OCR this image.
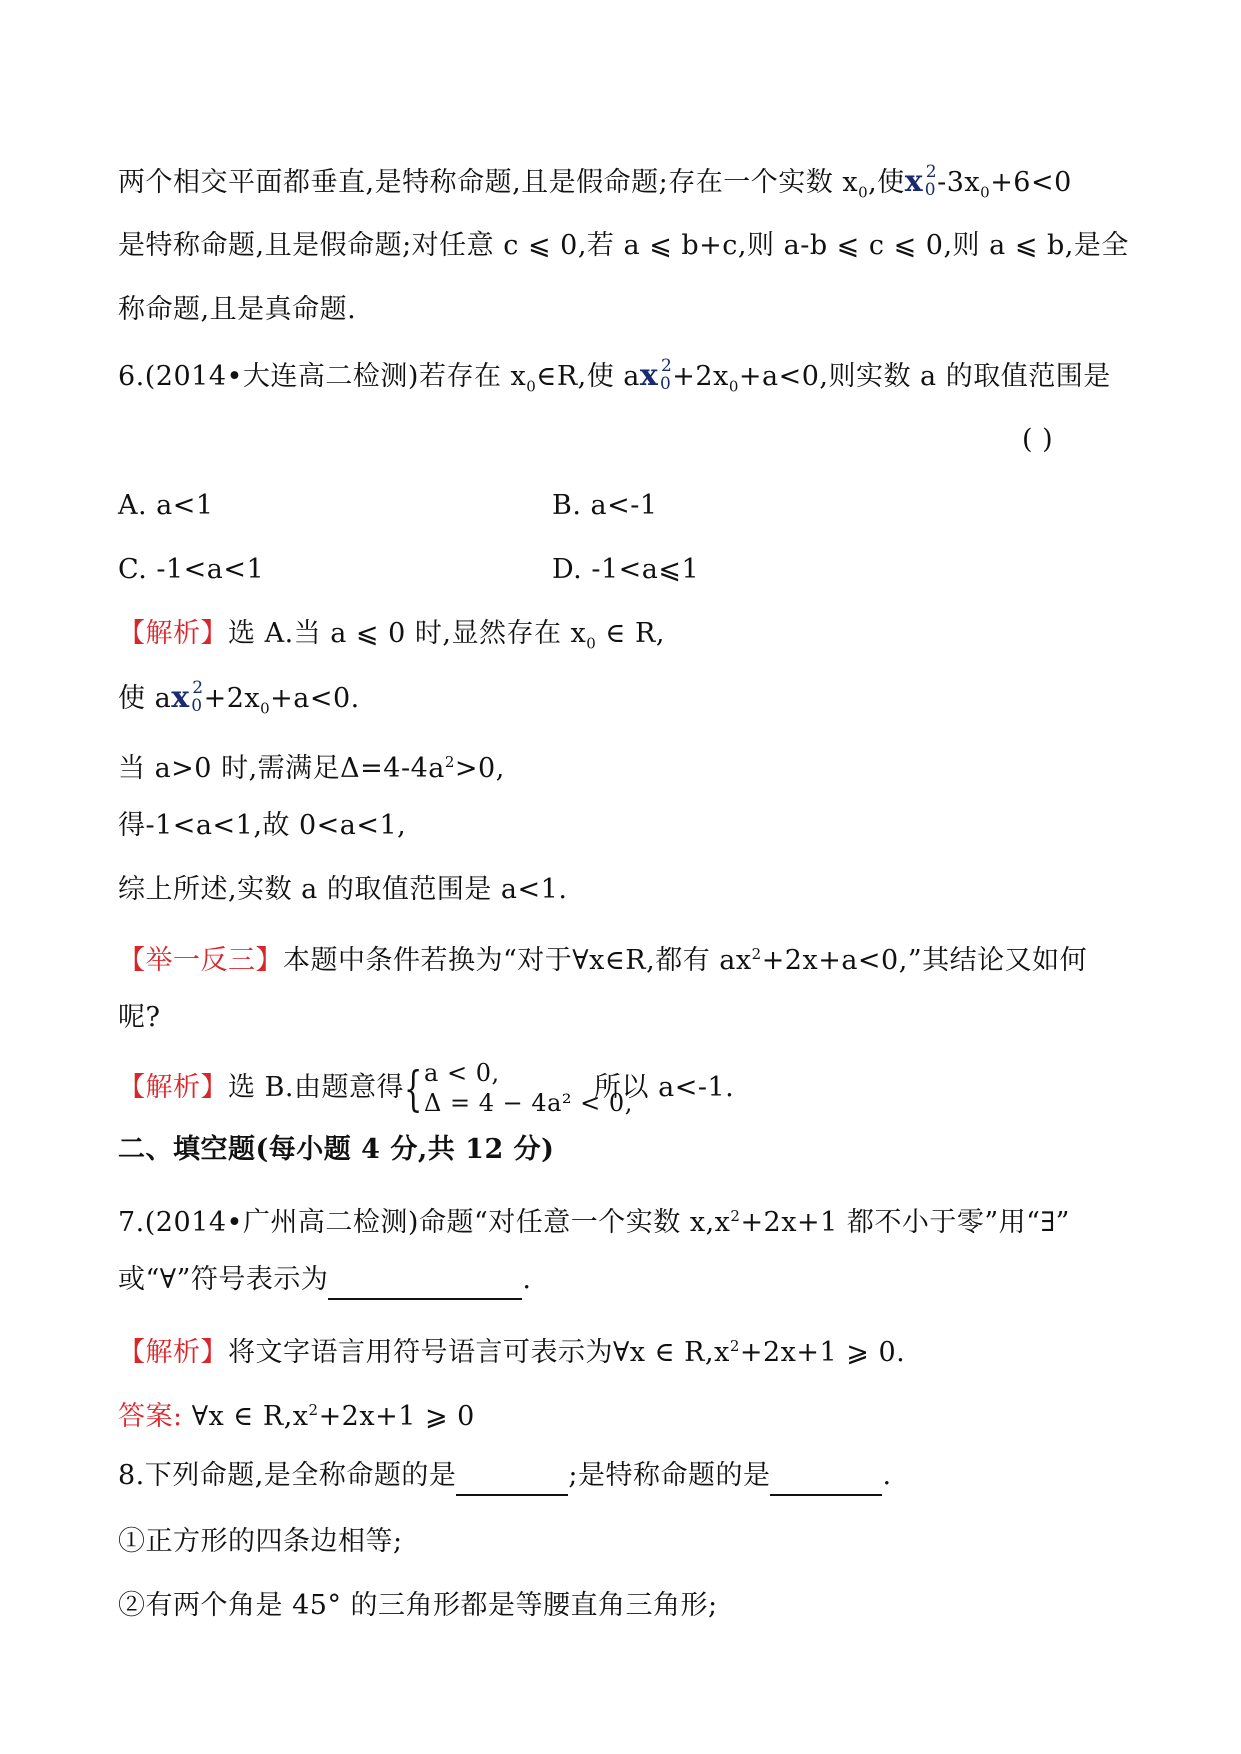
两个相交平面都垂直,是特称命题,且是假命题;存在一个实数 $x_0$,使x 2
0 $-3x_0+6<0$
是特称命题,且是假命题;对任意 c ⩽ 0,若 a ⩽ b+c,则 a-b ⩽ c ⩽ 0,则 a ⩽ b,是全
称命题,且是真命题.
6.(2014•大连高二检测)若存在 $x_0\in R$,使 ax 2
$0 +2x_0+a<0$,则实数 a 的取值范围是
( )
A. a<1	B. a<-1
C. -1<a<1	D. -1<a⩽1
【解析】选 A.当 a ⩽ 0 时,显然存在 $x_0$ ∈ R,
使 ax 2
$0 +2x_0+a<0$.
当 a>0 时,需满足$\Delta=4-4a^2>0$,
得-1<a<1,故 0<a<1,
综上所述,实数 a 的取值范围是 a<1.
【举一反三】本题中条件若换为“对于∀x∈R,都有 $ax^2+2x+a<0$,”其结论又如何
呢?
【解析】选 B.由题意得 { a < 0,
Δ = 4 − 4a² < 0,
所以 a<-1.
二、填空题(每小题 4 分,共 12 分)
7.(2014•广州高二检测)命题“对任意一个实数 $x,x^2+2x+1$ 都不小于零”用“∃”
或“∀”符号表示为	.
【解析】将文字语言用符号语言可表示为∀x ∈ $R,x^2+2x+1$ ⩾ 0.
答案: ∀x ∈ $R,x^2+2x+1$ ⩾ 0
8.下列命题,是全称命题的是	;是特称命题的是	.
①正方形的四条边相等;
②有两个角是 45° 的三角形都是等腰直角三角形;
